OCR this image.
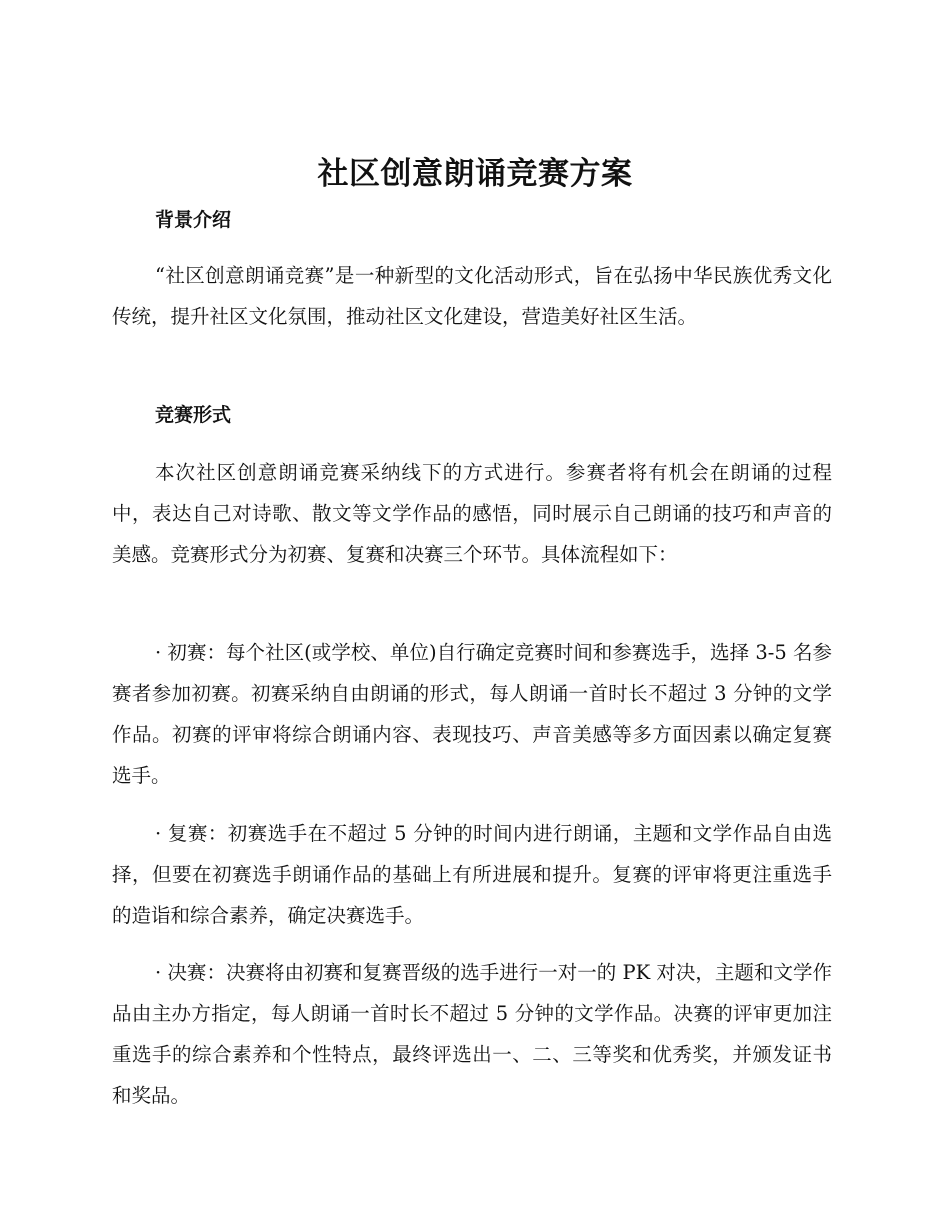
社区创意朗诵竞赛方案
背景介绍

“社区创意朗诵竞赛”是一种新型的文化活动形式，旨在弘扬中华民族优秀文化传统，提升社区文化氛围，推动社区文化建设，营造美好社区生活。

竞赛形式

本次社区创意朗诵竞赛采纳线下的方式进行。参赛者将有机会在朗诵的过程中，表达自己对诗歌、散文等文学作品的感悟，同时展示自己朗诵的技巧和声音的美感。竞赛形式分为初赛、复赛和决赛三个环节。具体流程如下：

· 初赛：每个社区(或学校、单位)自行确定竞赛时间和参赛选手，选择 3-5 名参赛者参加初赛。初赛采纳自由朗诵的形式，每人朗诵一首时长不超过 3 分钟的文学作品。初赛的评审将综合朗诵内容、表现技巧、声音美感等多方面因素以确定复赛选手。

· 复赛：初赛选手在不超过 5 分钟的时间内进行朗诵，主题和文学作品自由选择，但要在初赛选手朗诵作品的基础上有所进展和提升。复赛的评审将更注重选手的造诣和综合素养，确定决赛选手。

· 决赛：决赛将由初赛和复赛晋级的选手进行一对一的 PK 对决，主题和文学作品由主办方指定，每人朗诵一首时长不超过 5 分钟的文学作品。决赛的评审更加注重选手的综合素养和个性特点，最终评选出一、二、三等奖和优秀奖，并颁发证书和奖品。
